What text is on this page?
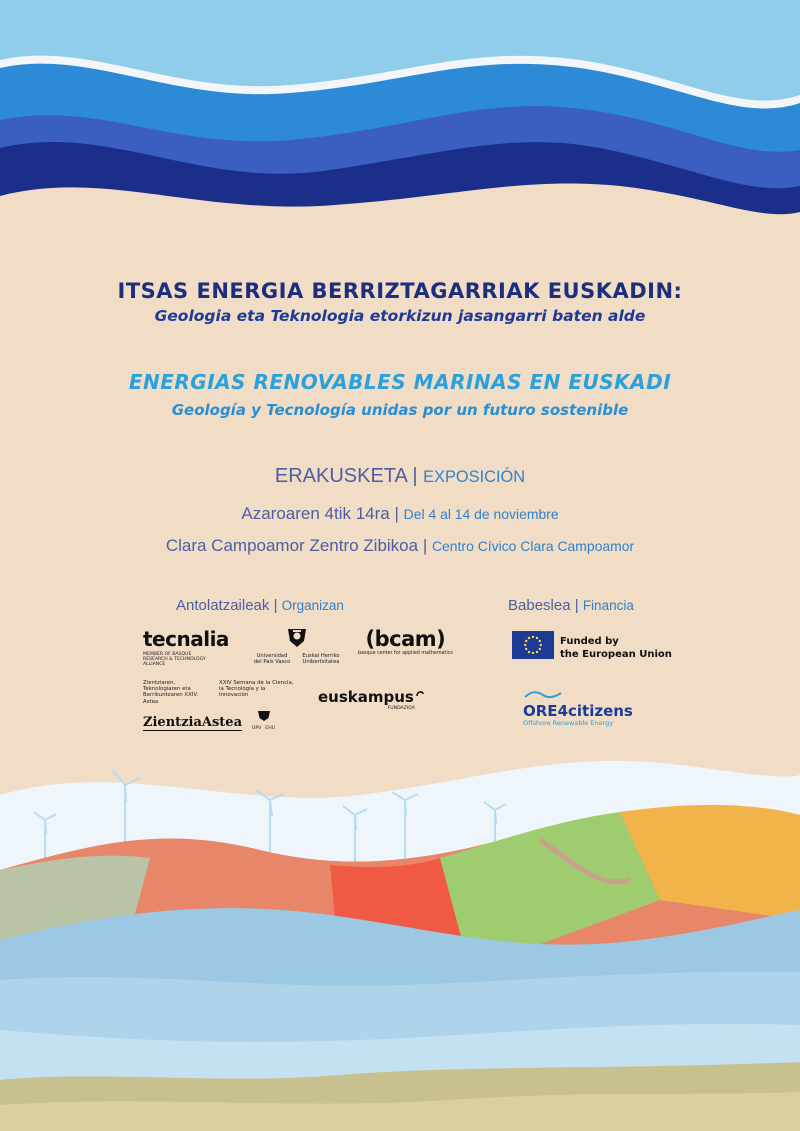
ITSAS ENERGIA BERRIZTAGARRIAK EUSKADIN:
Geologia eta Teknologia etorkizun jasangarri baten alde
ENERGIAS RENOVABLES MARINAS EN EUSKADI
Geología y Tecnología unidas por un futuro sostenible
ERAKUSKETA | EXPOSICIÓN
Azaroaren 4tik 14ra | Del 4 al 14 de noviembre
Clara Campoamor Zentro Zibikoa | Centro Cívico Clara Campoamor
Antolatzaileak | Organizan	Babeslea | Financia
tecnalia
MEMBER OF BASQUE RESEARCH & TECHNOLOGY ALLIANCE
Universidad del País Vasco
Euskal Herriko Unibertsitatea
(bcam)
basque center for applied mathematics
Zientziaren, Teknologiaren eta Berrikuntzaren XXIV. Astea
XXIV Semana de la Ciencia, la Tecnología y la Innovación
ZientziaAstea UPV EHU
euskampus
FUNDAZIOA
Funded by
the European Union
ORE4citizens
Offshore Renewable Energy
